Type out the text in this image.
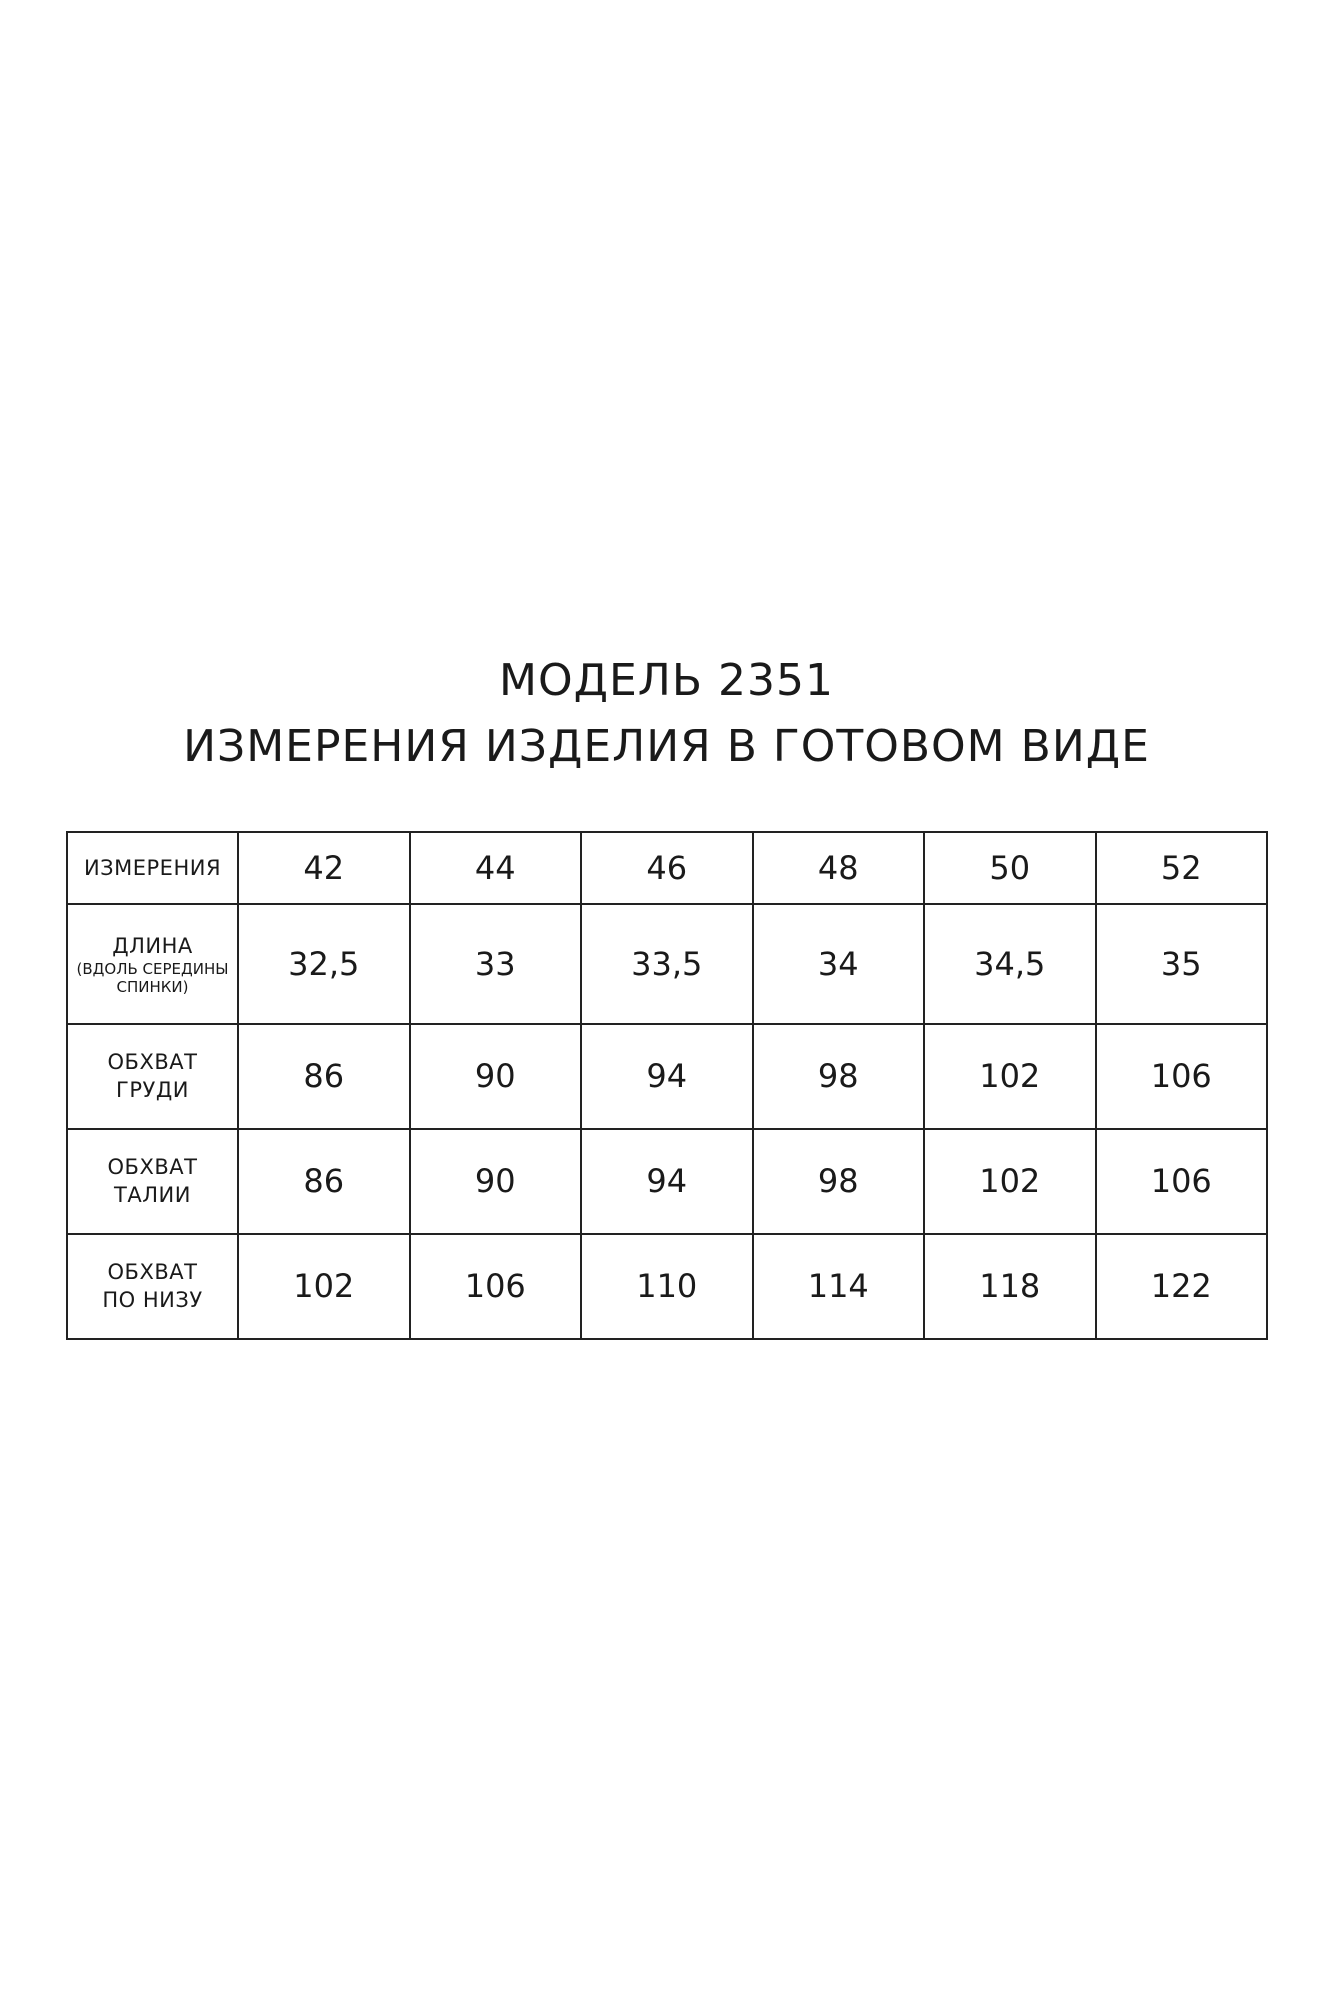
МОДЕЛЬ 2351
ИЗМЕРЕНИЯ ИЗДЕЛИЯ В ГОТОВОМ ВИДЕ
ИЗМЕРЕНИЯ	42	44	46	48	50	52

ДЛИНА
(ВДОЛЬ СЕРЕДИНЫ
СПИНКИ)	32,5	33	33,5	34	34,5	35

ОБХВАТ
ГРУДИ	86	90	94	98	102	106

ОБХВАТ
ТАЛИИ	86	90	94	98	102	106

ОБХВАТ
ПО НИЗУ	102	106	110	114	118	122
